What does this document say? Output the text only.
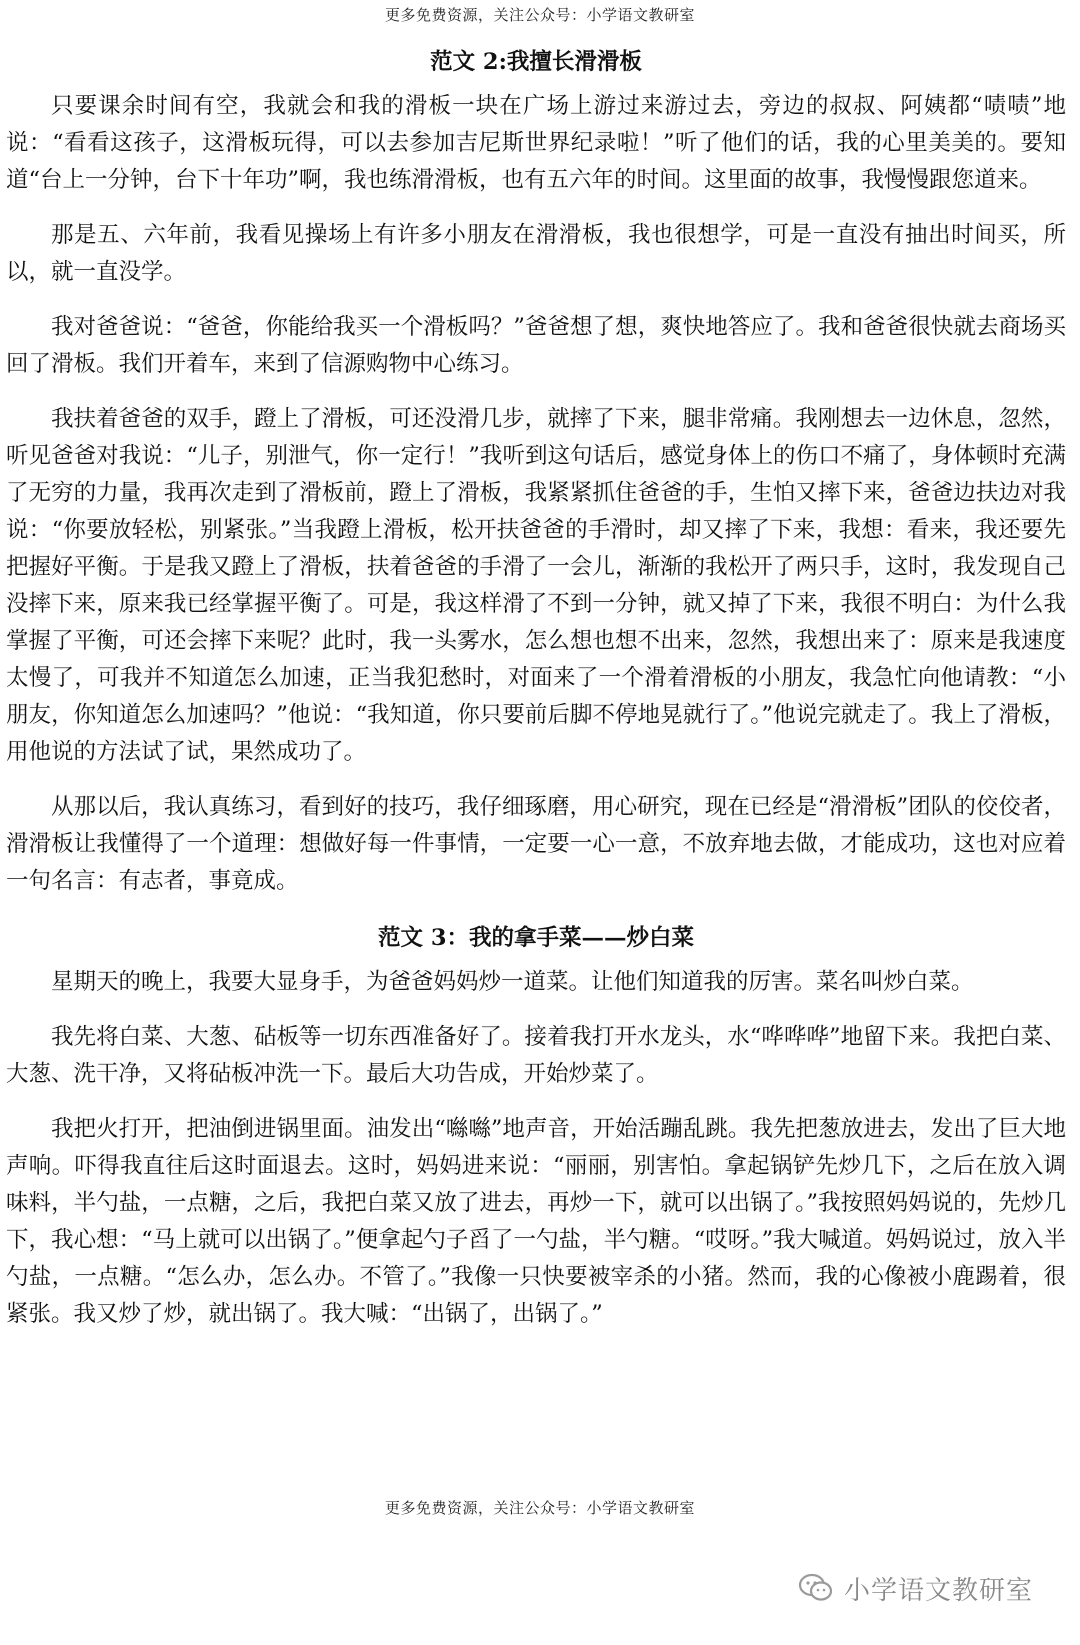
更多免费资源，关注公众号：小学语文教研室
范文 2:我擅长滑滑板

只要课余时间有空，我就会和我的滑板一块在广场上游过来游过去，旁边的叔叔、阿姨都“啧啧”地说：“看看这孩子，这滑板玩得，可以去参加吉尼斯世界纪录啦！”听了他们的话，我的心里美美的。要知道“台上一分钟，台下十年功”啊，我也练滑滑板，也有五六年的时间。这里面的故事，我慢慢跟您道来。

那是五、六年前，我看见操场上有许多小朋友在滑滑板，我也很想学，可是一直没有抽出时间买，所以，就一直没学。

我对爸爸说：“爸爸，你能给我买一个滑板吗？”爸爸想了想，爽快地答应了。我和爸爸很快就去商场买回了滑板。我们开着车，来到了信源购物中心练习。

我扶着爸爸的双手，蹬上了滑板，可还没滑几步，就摔了下来，腿非常痛。我刚想去一边休息，忽然，听见爸爸对我说：“儿子，别泄气，你一定行！”我听到这句话后，感觉身体上的伤口不痛了，身体顿时充满了无穷的力量，我再次走到了滑板前，蹬上了滑板，我紧紧抓住爸爸的手，生怕又摔下来，爸爸边扶边对我说：“你要放轻松，别紧张。”当我蹬上滑板，松开扶爸爸的手滑时，却又摔了下来，我想：看来，我还要先把握好平衡。于是我又蹬上了滑板，扶着爸爸的手滑了一会儿，渐渐的我松开了两只手，这时，我发现自己没摔下来，原来我已经掌握平衡了。可是，我这样滑了不到一分钟，就又掉了下来，我很不明白：为什么我掌握了平衡，可还会摔下来呢？此时，我一头雾水，怎么想也想不出来，忽然，我想出来了：原来是我速度太慢了，可我并不知道怎么加速，正当我犯愁时，对面来了一个滑着滑板的小朋友，我急忙向他请教：“小朋友，你知道怎么加速吗？”他说：“我知道，你只要前后脚不停地晃就行了。”他说完就走了。我上了滑板，用他说的方法试了试，果然成功了。

从那以后，我认真练习，看到好的技巧，我仔细琢磨，用心研究，现在已经是“滑滑板”团队的佼佼者，滑滑板让我懂得了一个道理：想做好每一件事情，一定要一心一意，不放弃地去做，才能成功，这也对应着一句名言：有志者，事竟成。

范文 3：我的拿手菜——炒白菜

星期天的晚上，我要大显身手，为爸爸妈妈炒一道菜。让他们知道我的厉害。菜名叫炒白菜。

我先将白菜、大葱、砧板等一切东西准备好了。接着我打开水龙头，水“哗哗哗”地留下来。我把白菜、大葱、洗干净，又将砧板冲洗一下。最后大功告成，开始炒菜了。

我把火打开，把油倒进锅里面。油发出“噝噝”地声音，开始活蹦乱跳。我先把葱放进去，发出了巨大地声响。吓得我直往后这时面退去。这时，妈妈进来说：“丽丽，别害怕。拿起锅铲先炒几下，之后在放入调味料，半勺盐，一点糖，之后，我把白菜又放了进去，再炒一下，就可以出锅了。”我按照妈妈说的，先炒几下，我心想：“马上就可以出锅了。”便拿起勺子舀了一勺盐，半勺糖。“哎呀。”我大喊道。妈妈说过，放入半勺盐，一点糖。“怎么办，怎么办。不管了。”我像一只快要被宰杀的小猪。然而，我的心像被小鹿踢着，很紧张。我又炒了炒，就出锅了。我大喊：“出锅了，出锅了。”

更多免费资源，关注公众号：小学语文教研室
小学语文教研室
